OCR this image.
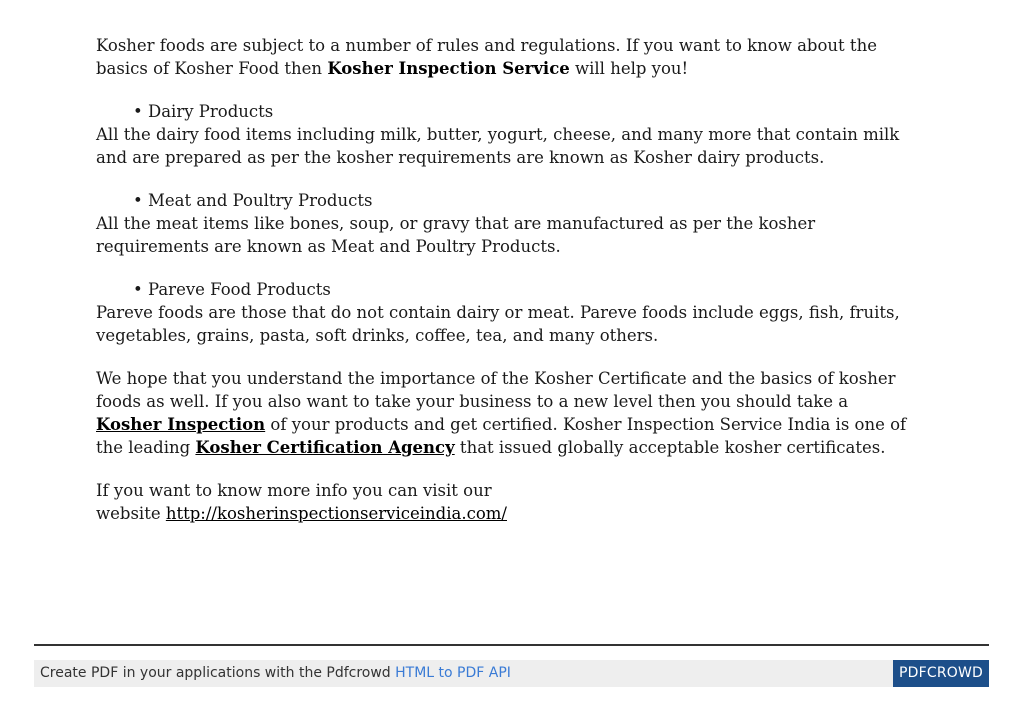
Kosher foods are subject to a number of rules and regulations. If you want to know about the basics of Kosher Food then Kosher Inspection Service will help you!

• Dairy Products

All the dairy food items including milk, butter, yogurt, cheese, and many more that contain milk and are prepared as per the kosher requirements are known as Kosher dairy products.

• Meat and Poultry Products

All the meat items like bones, soup, or gravy that are manufactured as per the kosher requirements are known as Meat and Poultry Products.

• Pareve Food Products

Pareve foods are those that do not contain dairy or meat. Pareve foods include eggs, fish, fruits, vegetables, grains, pasta, soft drinks, coffee, tea, and many others.

We hope that you understand the importance of the Kosher Certificate and the basics of kosher foods as well. If you also want to take your business to a new level then you should take a Kosher Inspection of your products and get certified. Kosher Inspection Service India is one of the leading Kosher Certification Agency that issued globally acceptable kosher certificates.

If you want to know more info you can visit our
website http://kosherinspectionserviceindia.com/

Create PDF in your applications with the Pdfcrowd HTML to PDF API	PDFCROWD
